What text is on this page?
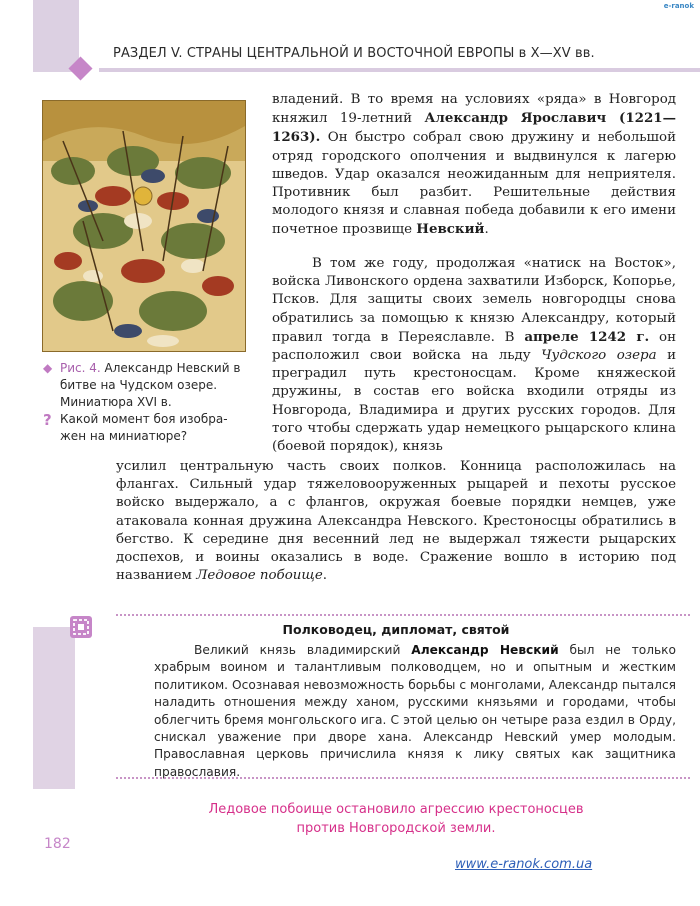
РАЗДЕЛ V. СТРАНЫ ЦЕНТРАЛЬНОЙ И ВОСТОЧНОЙ ЕВРОПЫ в X—XV вв.
e-ranok
◆ Рис. 4. Александр Невский в битве на Чудском озере. Миниатюра XVI в.
? Какой момент боя изобра-жен на миниатюре?
владений. В то время на условиях «ряда» в Новгород княжил 19-летний Александр Ярославич (1221—1263). Он быстро собрал свою дружину и небольшой отряд городского ополчения и выдвинулся к лагерю шведов. Удар оказался неожиданным для неприятеля. Противник был разбит. Решительные действия молодого князя и славная победа добавили к его имени почетное прозвище Невский.
В том же году, продолжая «натиск на Восток», войска Ливонского ордена захватили Изборск, Копорье, Псков. Для защиты своих земель новгородцы снова обратились за помощью к князю Александру, который правил тогда в Переяславле. В апреле 1242 г. он расположил свои войска на льду Чудского озера и преградил путь крестоносцам. Кроме княжеской дружины, в состав его войска входили отряды из Новгорода, Владимира и других русских городов. Для того чтобы сдержать удар немецкого рыцарского клина (боевой порядок), князь
усилил центральную часть своих полков. Конница расположилась на флангах. Сильный удар тяжеловооруженных рыцарей и пехоты русское войско выдержало, а с флангов, окружая боевые порядки немцев, уже атаковала конная дружина Александра Невского. Крестоносцы обратились в бегство. К середине дня весенний лед не выдержал тяжести рыцарских доспехов, и воины оказались в воде. Сражение вошло в историю под названием Ледовое побоище.
Полководец, дипломат, святой
Великий князь владимирский Александр Невский был не только храбрым воином и талантливым полководцем, но и опытным и жестким политиком. Осознавая невозможность борьбы с монголами, Александр пытался наладить отношения между ханом, русскими князьями и городами, чтобы облегчить бремя монгольского ига. С этой целью он четыре раза ездил в Орду, снискал уважение при дворе хана. Александр Невский умер молодым. Православная церковь причислила князя к лику святых как защитника православия.
Ледовое побоище остановило агрессию крестоносцев
против Новгородской земли.
182
www.e-ranok.com.ua
